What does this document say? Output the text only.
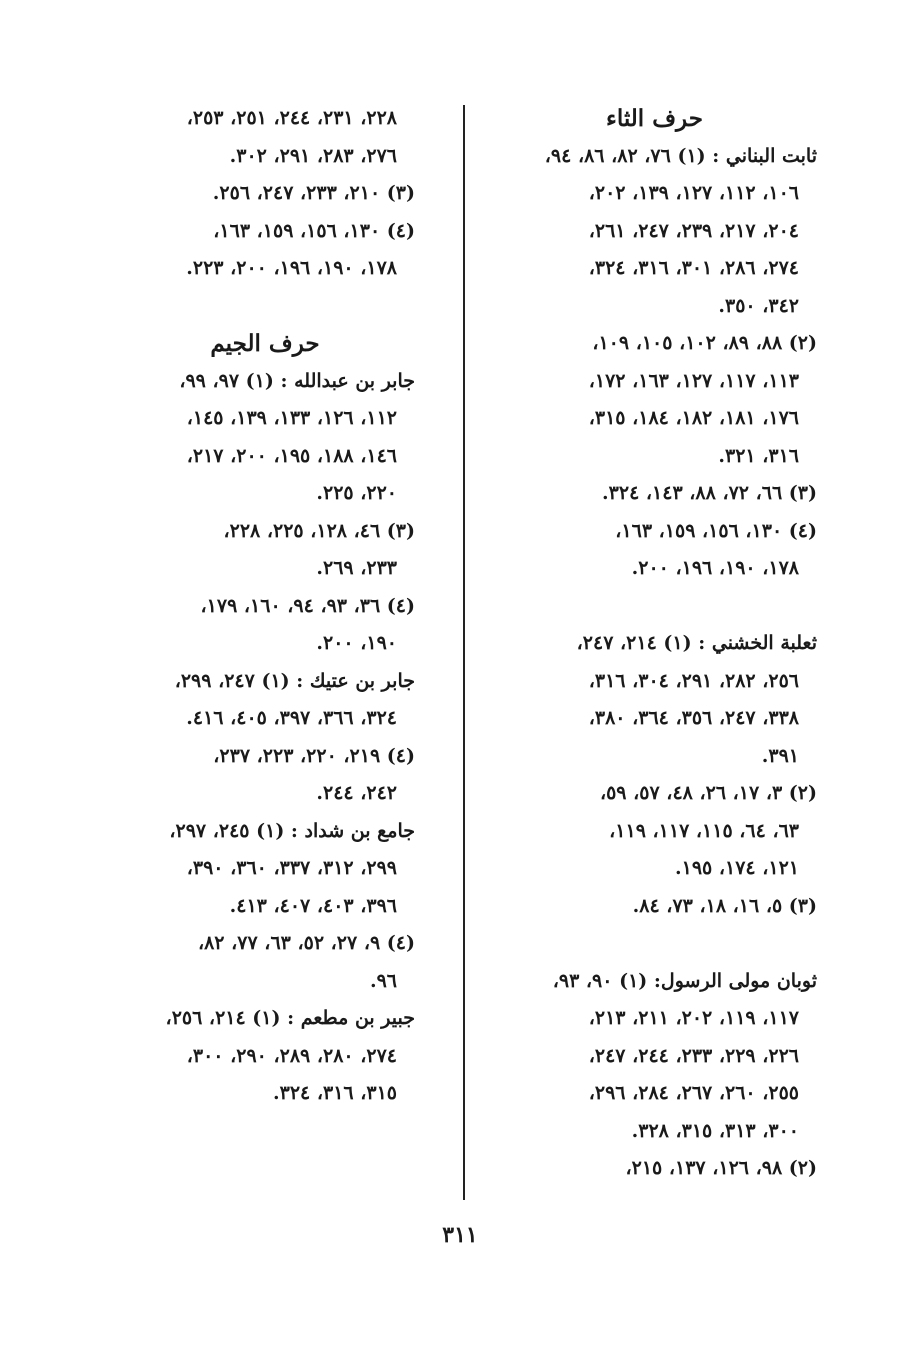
حرف الثاء
ثابت البناني : (١) ٧٦، ٨٢، ٨٦، ٩٤،
١٠٦، ١١٢، ١٢٧، ١٣٩، ٢٠٢،
٢٠٤، ٢١٧، ٢٣٩، ٢٤٧، ٢٦١،
٢٧٤، ٢٨٦، ٣٠١، ٣١٦، ٣٢٤،
٣٤٢، ٣٥٠.
(٢) ٨٨، ٨٩، ١٠٢، ١٠٥، ١٠٩،
١١٣، ١١٧، ١٢٧، ١٦٣، ١٧٢،
١٧٦، ١٨١، ١٨٢، ١٨٤، ٣١٥،
٣١٦، ٣٢١.
(٣) ٦٦، ٧٢، ٨٨، ١٤٣، ٣٢٤.
(٤) ١٣٠، ١٥٦، ١٥٩، ١٦٣،
١٧٨، ١٩٠، ١٩٦، ٢٠٠.
ثعلبة الخشني : (١) ٢١٤، ٢٤٧،
٢٥٦، ٢٨٢، ٢٩١، ٣٠٤، ٣١٦،
٣٣٨، ٢٤٧، ٣٥٦، ٣٦٤، ٣٨٠،
٣٩١.
(٢) ٣، ١٧، ٢٦، ٤٨، ٥٧، ٥٩،
٦٣، ٦٤، ١١٥، ١١٧، ١١٩،
١٢١، ١٧٤، ١٩٥.
(٣) ٥، ١٦، ١٨، ٧٣، ٨٤.
ثوبان مولى الرسول: (١) ٩٠، ٩٣،
١١٧، ١١٩، ٢٠٢، ٢١١، ٢١٣،
٢٢٦، ٢٢٩، ٢٣٣، ٢٤٤، ٢٤٧،
٢٥٥، ٢٦٠، ٢٦٧، ٢٨٤، ٢٩٦،
٣٠٠، ٣١٣، ٣١٥، ٣٢٨.
(٢) ٩٨، ١٢٦، ١٣٧، ٢١٥،
٢٢٨، ٢٣١، ٢٤٤، ٢٥١، ٢٥٣،
٢٧٦، ٢٨٣، ٢٩١، ٣٠٢.
(٣) ٢١٠، ٢٣٣، ٢٤٧، ٢٥٦.
(٤) ١٣٠، ١٥٦، ١٥٩، ١٦٣،
١٧٨، ١٩٠، ١٩٦، ٢٠٠، ٢٢٣.
حرف الجيم
جابر بن عبدالله : (١) ٩٧، ٩٩،
١١٢، ١٢٦، ١٣٣، ١٣٩، ١٤٥،
١٤٦، ١٨٨، ١٩٥، ٢٠٠، ٢١٧،
٢٢٠، ٢٢٥.
(٣) ٤٦، ١٢٨، ٢٢٥، ٢٢٨،
٢٣٣، ٢٦٩.
(٤) ٣٦، ٩٣، ٩٤، ١٦٠، ١٧٩،
١٩٠، ٢٠٠.
جابر بن عتيك : (١) ٢٤٧، ٢٩٩،
٣٢٤، ٣٦٦، ٣٩٧، ٤٠٥، ٤١٦.
(٤) ٢١٩، ٢٢٠، ٢٢٣، ٢٣٧،
٢٤٢، ٢٤٤.
جامع بن شداد : (١) ٢٤٥، ٢٩٧،
٢٩٩، ٣١٢، ٣٣٧، ٣٦٠، ٣٩٠،
٣٩٦، ٤٠٣، ٤٠٧، ٤١٣.
(٤) ٩، ٢٧، ٥٢، ٦٣، ٧٧، ٨٢،
٩٦.
جبير بن مطعم : (١) ٢١٤، ٢٥٦،
٢٧٤، ٢٨٠، ٢٨٩، ٢٩٠، ٣٠٠،
٣١٥، ٣١٦، ٣٢٤.
٣١١
